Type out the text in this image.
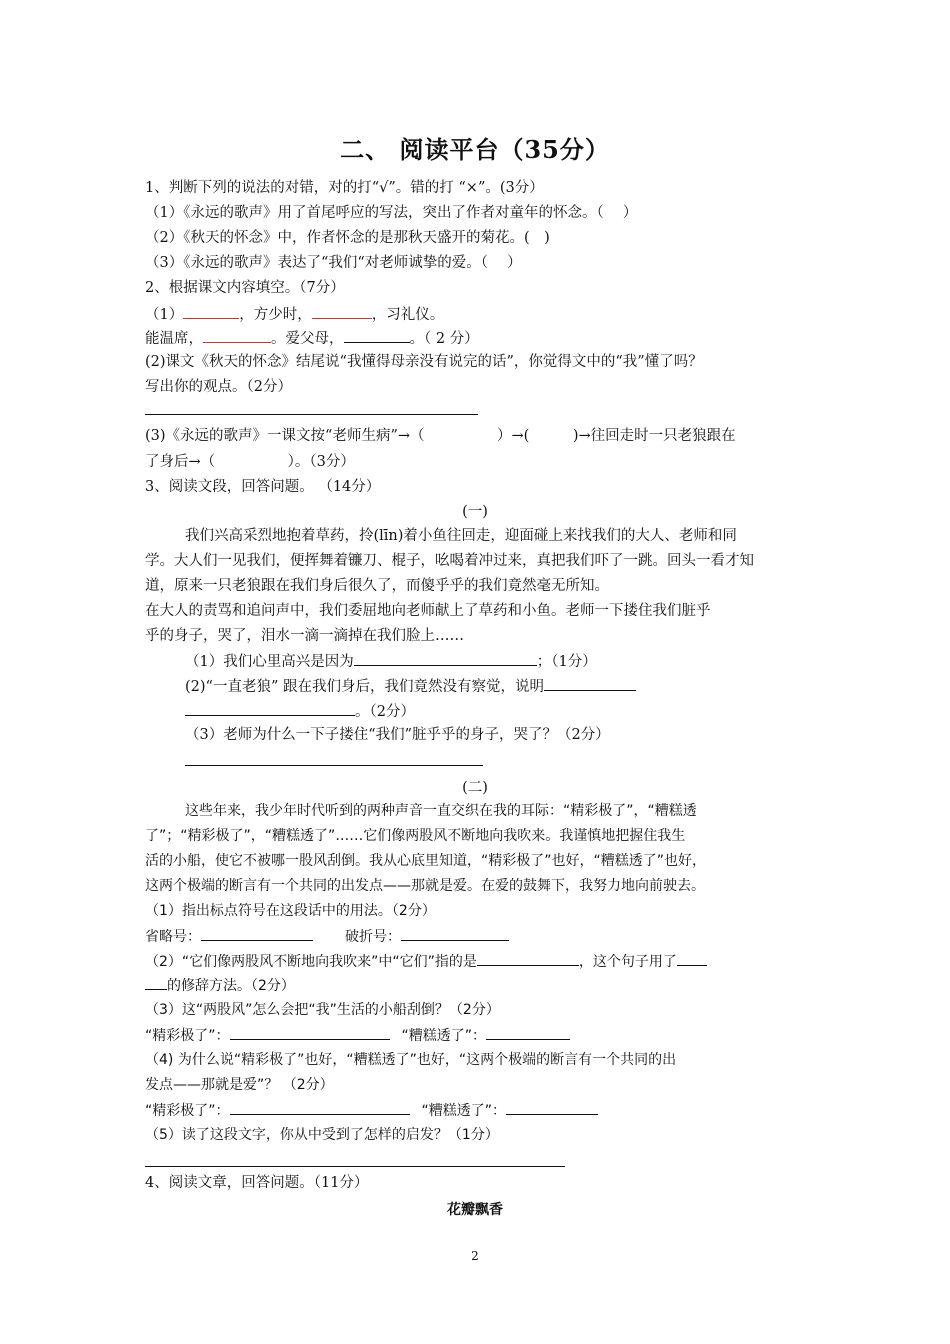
二、 阅读平台（35分）
1、判断下列的说法的对错，对的打“√”。错的打 “×”。(3分）
（1）《永远的歌声》用了首尾呼应的写法，突出了作者对童年的怀念。（　 ）
（2）《秋天的怀念》中，作者怀念的是那秋天盛开的菊花。(　)
（3）《永远的歌声》表达了“我们“对老师诚挚的爱。（　 ）
2、根据课文内容填空。（7分）
（1）	，方少时，	，习礼仪。
能温席，	。爱父母，	。（ 2 分）
(2)课文《秋天的怀念》结尾说“我懂得母亲没有说完的话”，你觉得文中的“我”懂了吗？
写出你的观点。（2分）
(3)《永远的歌声》一课文按“老师生病”→（　　　　　）→(　　　)→往回走时一只老狼跟在
了身后→（　　　　　）。（3分）
3、阅读文段，回答问题。 （14分）
(一)
我们兴高采烈地抱着草药，拎(līn)着小鱼往回走，迎面碰上来找我们的大人、老师和同
学。大人们一见我们，便挥舞着镰刀、棍子，吆喝着冲过来，真把我们吓了一跳。回头一看才知
道，原来一只老狼跟在我们身后很久了，而傻乎乎的我们竟然毫无所知。
在大人的责骂和追问声中，我们委屈地向老师献上了草药和小鱼。老师一下搂住我们脏乎
乎的身子，哭了，泪水一滴一滴掉在我们脸上……
（1）我们心里高兴是因为	；（1分）
(2)“一直老狼” 跟在我们身后，我们竟然没有察觉，说明
。（2分）
（3）老师为什么一下子搂住“我们”脏乎乎的身子，哭了？（2分）
(二)
这些年来，我少年时代听到的两种声音一直交织在我的耳际：“精彩极了”，“糟糕透
了”；“精彩极了”，“糟糕透了”……它们像两股风不断地向我吹来。我谨慎地把握住我生
活的小船，使它不被哪一股风刮倒。我从心底里知道，“精彩极了”也好，“糟糕透了”也好，
这两个极端的断言有一个共同的出发点——那就是爱。在爱的鼓舞下，我努力地向前驶去。
（1）指出标点符号在这段话中的用法。（2分）
省略号：	破折号：
（2）“它们像两股风不断地向我吹来”中“它们”指的是	，这个句子用了
的修辞方法。（2分）
（3）这“两股风”怎么会把“我”生活的小船刮倒？（2分）
“精彩极了”：	“糟糕透了”：
（4) 为什么说“精彩极了”也好，“糟糕透了”也好，“这两个极端的断言有一个共同的出
发点——那就是爱”？ （2分）
“精彩极了”：	“糟糕透了”：
（5）读了这段文字，你从中受到了怎样的启发？（1分）
4、阅读文章，回答问题。（11分）
花瓣飘香
2
